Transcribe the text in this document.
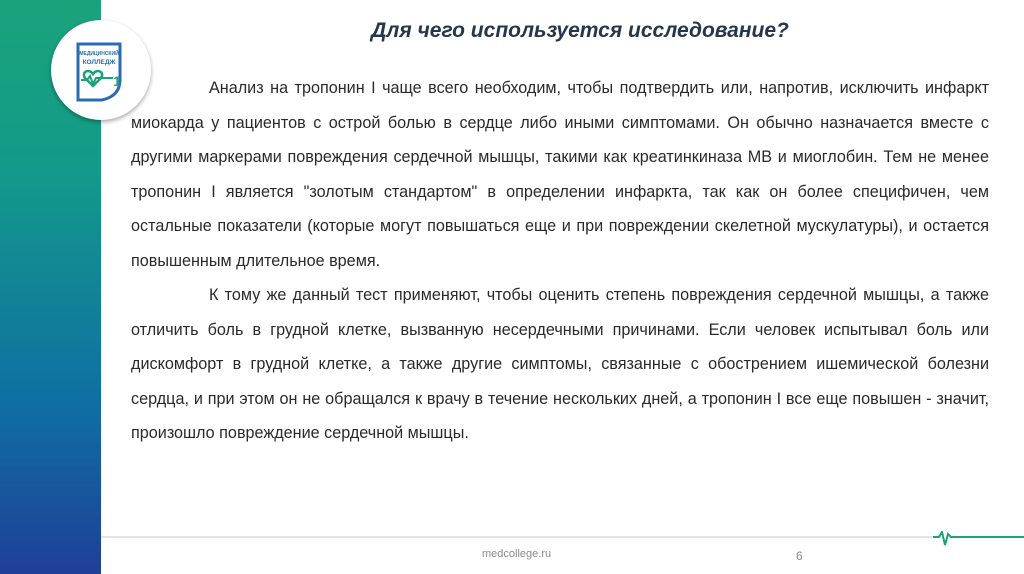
МЕДИЦИНСКИЙ
КОЛЛЕДЖ
1
Для чего используется исследование?

Анализ на тропонин I чаще всего необходим, чтобы подтвердить или, напротив, исключить инфаркт миокарда у пациентов с острой болью в сердце либо иными симптомами. Он обычно назначается вместе с другими маркерами повреждения сердечной мышцы, такими как креатинкиназа MB и миоглобин. Тем не менее тропонин I является "золотым стандартом" в определении инфаркта, так как он более специфичен, чем остальные показатели (которые могут повышаться еще и при повреждении скелетной мускулатуры), и остается повышенным длительное время.

К тому же данный тест применяют, чтобы оценить степень повреждения сердечной мышцы, а также отличить боль в грудной клетке, вызванную несердечными причинами. Если человек испытывал боль или дискомфорт в грудной клетке, а также другие симптомы, связанные с обострением ишемической болезни сердца, и при этом он не обращался к врачу в течение нескольких дней, а тропонин I все еще повышен - значит, произошло повреждение сердечной мышцы.

medcollege.ru	6
